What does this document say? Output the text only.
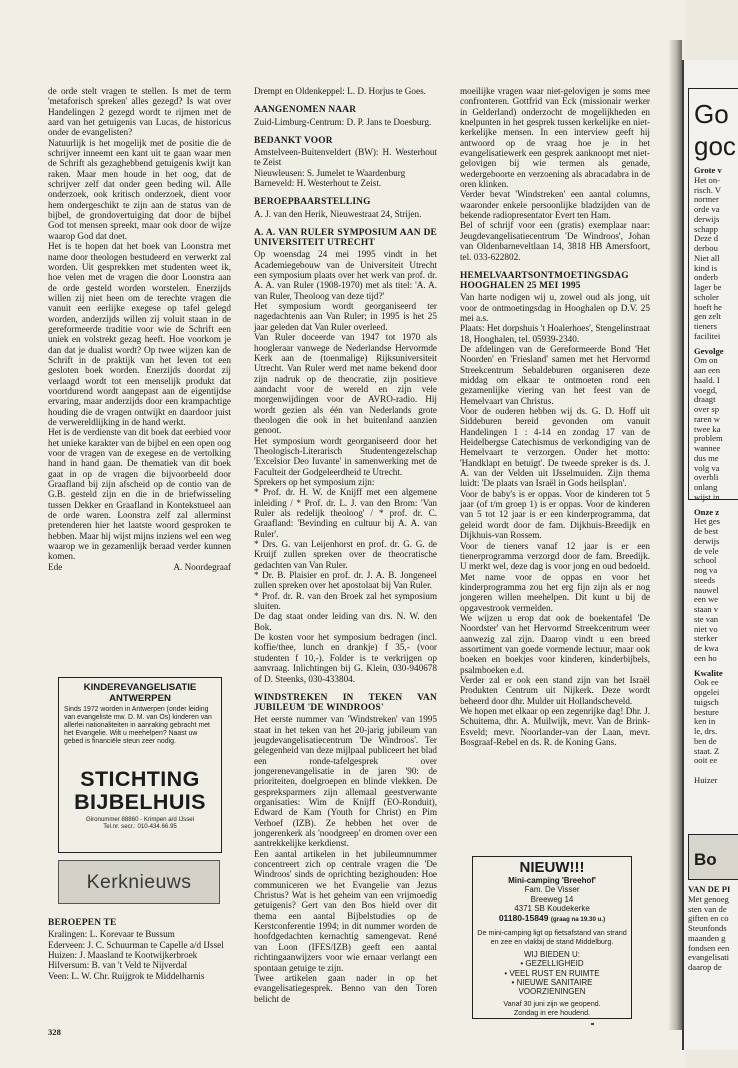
de orde stelt vragen te stellen. Is met de term 'metaforisch spreken' alles gezegd? Is wat over Handelingen 2 gezegd wordt te rijmen met de aard van het getuigenis van Lucas, de historicus onder de evangelisten?

Natuurlijk is het mogelijk met de positie die de schrijver inneemt een kant uit te gaan waar men de Schrift als gezaghebbend getuigenis kwijt kan raken. Maar men houde in het oog, dat de schrijver zelf dat onder geen beding wil. Alle onderzoek, ook kritisch onderzoek, dient voor hem ondergeschikt te zijn aan de status van de bijbel, de grondovertuiging dat door de bijbel God tot mensen spreekt, maar ook door de wijze waarop God dat doet.

Het is te hopen dat het boek van Loonstra met name door theologen bestudeerd en verwerkt zal worden. Uit gesprekken met studenten weet ik, hoe velen met de vragen die door Loonstra aan de orde gesteld worden worstelen. Enerzijds willen zij niet heen om de terechte vragen die vanuit een eerlijke exegese op tafel gelegd worden, anderzijds willen zij voluit staan in de gereformeerde traditie voor wie de Schrift een uniek en volstrekt gezag heeft. Hoe voorkom je dan dat je dualist wordt? Op twee wijzen kan de Schrift in de praktijk van het leven tot een gesloten boek worden. Enerzijds doordat zij verlaagd wordt tot een menselijk produkt dat voortdurend wordt aangepast aan de eigentijdse ervaring, maar anderzijds door een krampachtige houding die de vragen ontwijkt en daardoor juist de verwereldlijking in de hand werkt.

Het is de verdienste van dit boek dat eerbied voor het unieke karakter van de bijbel en een open oog voor de vragen van de exegese en de vertolking hand in hand gaan. De thematiek van dit boek gaat in op de vragen die bijvoorbeeld door Graafland bij zijn afscheid op de contio van de G.B. gesteld zijn en die in de briefwisseling tussen Dekker en Graafland in Kontekstueel aan de orde waren. Loonstra zelf zal allerminst pretenderen hier het laatste woord gesproken te hebben. Maar hij wijst mijns inziens wel een weg waarop we in gezamenlijk beraad verder kunnen komen.

Ede	A. Noordegraaf
KINDEREVANGELISATIE
ANTWERPEN
Sinds 1972 worden in Antwerpen (onder leiding van evangeliste mw. D. M. van Os) kinderen van allerlei nationaliteiten in aanraking gebracht met het Evangelie. Wilt u meehelpen? Naast uw gebed is financiële steun zeer nodig.
STICHTING
BIJBELHUIS
Gironummer 88860 - Krimpen a/d IJssel
Tel.nr. secr.: 010-434.66.95
Kerknieuws
BEROEPEN TE

Kralingen: L. Korevaar te Bussum

Ederveen: J. C. Schuurman te Capelle a/d IJssel

Huizen: J. Maasland te Kootwijkerbroek

Hilversum: B. van 't Veld te Nijverdal

Veen: L. W. Chr. Ruijgrok te Middelharnis

Drempt en Oldenkeppel: L. D. Horjus te Goes.

AANGENOMEN NAAR

Zuid-Limburg-Centrum: D. P. Jans te Doesburg.

BEDANKT VOOR

Amstelveen-Buitenveldert (BW): H. Westerhout te Zeist

Nieuwleusen: S. Jumelet te Waardenburg

Barneveld: H. Westerhout te Zeist.

BEROEPBAARSTELLING

A. J. van den Herik, Nieuwestraat 24, Strijen.

A. A. VAN RULER SYMPOSIUM AAN DE UNIVERSITEIT UTRECHT

Op woensdag 24 mei 1995 vindt in het Academiegebouw van de Universiteit Utrecht een symposium plaats over het werk van prof. dr. A. A. van Ruler (1908-1970) met als titel: 'A. A. van Ruler, Theoloog van deze tijd?'

Het symposium wordt georganiseerd ter nagedachtenis aan Van Ruler; in 1995 is het 25 jaar geleden dat Van Ruler overleed.

Van Ruler doceerde van 1947 tot 1970 als hoogleraar vanwege de Nederlandse Hervormde Kerk aan de (toenmalige) Rijksuniversiteit Utrecht. Van Ruler werd met name bekend door zijn nadruk op de theocratie, zijn positieve aandacht voor de wereld en zijn vele morgenwijdingen voor de AVRO-radio. Hij wordt gezien als één van Nederlands grote theologen die ook in het buitenland aanzien genoot.

Het symposium wordt georganiseerd door het Theologisch-Literarisch Studentengezelschap 'Excelsior Deo Iuvante' in samenwerking met de Faculteit der Godgeleerdheid te Utrecht.

Sprekers op het symposium zijn:

* Prof. dr. H. W. de Knijff met een algemene inleiding / * Prof. dr. L. J. van den Brom: 'Van Ruler als redelijk theoloog' / * prof. dr. C. Graafland: 'Bevinding en cultuur bij A. A. van Ruler'.

* Drs. G. van Leijenhorst en prof. dr. G. G. de Kruijf zullen spreken over de theocratische gedachten van Van Ruler.

* Dr. B. Plaisier en prof. dr. J. A. B. Jongeneel zullen spreken over het apostolaat bij Van Ruler.

* Prof. dr. R. van den Broek zal het symposium sluiten.

De dag staat onder leiding van drs. N. W. den Bok.

De kosten voor het symposium bedragen (incl. koffie/thee, lunch en drankje) f 35,- (voor studenten f 10,-). Folder is te verkrijgen op aanvraag. Inlichtingen bij G. Klein, 030-940678 of D. Steenks, 030-433804.

WINDSTREKEN IN TEKEN VAN JUBILEUM 'DE WINDROOS'

Het eerste nummer van 'Windstreken' van 1995 staat in het teken van het 20-jarig jubileum van jeugdevangelisatiecentrum 'De Windroos'. Ter gelegenheid van deze mijlpaal publiceert het blad een ronde-tafelgesprek over jongerenevangelisatie in de jaren '90: de prioriteiten, doelgroepen en blinde vlekken. De gespreksparmers zijn allemaal geestverwante organisaties: Wim de Knijff (EO-Ronduit), Edward de Kam (Youth for Christ) en Pim Verhoef (IZB). Ze hebben het over de jongerenkerk als 'noodgreep' en dromen over een aantrekkelijke kerkdienst.

Een aantal artikelen in het jubileumnummer concentreert zich op centrale vragen die 'De Windroos' sinds de oprichting bezighouden: Hoe communiceren we het Evangelie van Jezus Christus? Wat is het geheim van een vrijmoedig getuigenis? Gert van den Bos hield over dit thema een aantal Bijbelstudies op de Kerstconferentie 1994; in dit nummer worden de hoofdgedachten kernachtig samengevat. René van Loon (IFES/IZB) geeft een aantal richtingaanwijzers voor wie ernaar verlangt een spontaan getuige te zijn.

Twee artikelen gaan nader in op het evangelisatiegesprek. Benno van den Toren belicht de

moeilijke vragen waar niet-gelovigen je soms mee confronteren. Gottfrid van Eck (missionair werker in Gelderland) onderzocht de mogelijkheden en knelpunten in het gesprek tussen kerkelijke en niet-kerkelijke mensen. In een interview geeft hij antwoord op de vraag hoe je in het evangelisatiewerk een gesprek aanknoopt met niet-gelovigen bij wie termen als genade, wedergeboorte en verzoening als abracadabra in de oren klinken.

Verder bevat 'Windstreken' een aantal columns, waaronder enkele persoonlijke bladzijden van de bekende radiopresentator Evert ten Ham.

Bel of schrijf voor een (gratis) exemplaar naar: Jeugdevangelisatiecentrum 'De Windroos', Johan van Oldenbarneveltlaan 14, 3818 HB Amersfoort, tel. 033-622802.

HEMELVAARTSONTMOETINGSDAG HOOGHALEN 25 MEI 1995

Van harte nodigen wij u, zowel oud als jong, uit voor de ontmoetingsdag in Hooghalen op D.V. 25 mei a.s.

Plaats: Het dorpshuis 't Hoalerhoes', Stengelinstraat 18, Hooghalen, tel. 05939-2340.

De afdelingen van de Gereformeerde Bond 'Het Noorden' en 'Friesland' samen met het Hervormd Streekcentrum Sebaldeburen organiseren deze middag om elkaar te ontmoeten rond een gezamenlijke viering van het feest van de Hemelvaart van Christus.

Voor de ouderen hebben wij ds. G. D. Hoff uit Siddeburen bereid gevonden om vanuit Handelingen 1 : 4-14 en zondag 17 van de Heidelbergse Catechismus de verkondiging van de Hemelvaart te verzorgen. Onder het motto: 'Handklapt en betuigt'. De tweede spreker is ds. J. A. van der Velden uit IJsselmuiden. Zijn thema luidt: 'De plaats van Israël in Gods heilsplan'.

Voor de baby's is er oppas. Voor de kinderen tot 5 jaar (of t/m groep 1) is er oppas. Voor de kinderen van 5 tot 12 jaar is er een kinderprogramma, dat geleid wordt door de fam. Dijkhuis-Breedijk en Dijkhuis-van Rossem.

Voor de tieners vanaf 12 jaar is er een tienerprogramma verzorgd door de fam. Breedijk. U merkt wel, deze dag is voor jong en oud bedoeld. Met name voor de oppas en voor het kinderprogramma zou het erg fijn zijn als er nog jongeren willen meehelpen. Dit kunt u bij de opgavestrook vermelden.

We wijzen u erop dat ook de boekentafel 'De Noordster' van het Hervormd Streekcentrum weer aanwezig zal zijn. Daarop vindt u een breed assortiment van goede vormende lectuur, maar ook boeken en boekjes voor kinderen, kinderbijbels, psalmboeken e.d.

Verder zal er ook een stand zijn van het Israël Produkten Centrum uit Nijkerk. Deze wordt beheerd door dhr. Mulder uit Hollandscheveld.

We hopen met elkaar op een zegenrijke dag! Dhr. J. Schuitema, dhr. A. Muilwijk, mevr. Van de Brink-Esveld; mevr. Noorlander-van der Laan, mevr. Bosgraaf-Rebel en ds. R. de Koning Gans.

NIEUW!!!
Mini-camping 'Breehof'
Fam. De Visser
Breeweg 14
4371 SB Koudekerke
01180-15849 (graag na 19.30 u.)
De mini-camping ligt op fietsafstand van strand en zee en vlakbij de stand Middelburg.
WIJ BIEDEN U:
• GEZELLIGHEID
• VEEL RUST EN RUIMTE
• NIEUWE SANITAIRE
VOORZIENINGEN
Vanaf 30 juni zijn we geopend.
Zondag in ere houdend.
328
Go
goc
Grote v
Het on-
risch. V
normer
orde va
derwijs
schapp
Deze d
derbou
Niet all
kind is
onderb
lager be
scholer
hoeft he
gen zelt
tieners
facilitei
Gevolge
Om on
aan een
haald. I
voegd,
draagt
over sp
raren w
twee ka
problem
wannee
dus me
volg va
overbli
onlang
wijst in
Onze z
Het ges
de best
derwijs
de vele
school
nog va
steeds
nauwel
een we
staan v
ste van
niet vo
sterker
de kwa
een ho
Kwalite
Ook ee
opgelei
tuigsch
besture
ken in
le, drs.
ben de
staat. Z
ooit ee
Huizer
Bo
VAN DE PI
Met genoeg
sten van de
giften en co
Steunfonds
maanden g
fondsen een
evangelisati
daarop de
